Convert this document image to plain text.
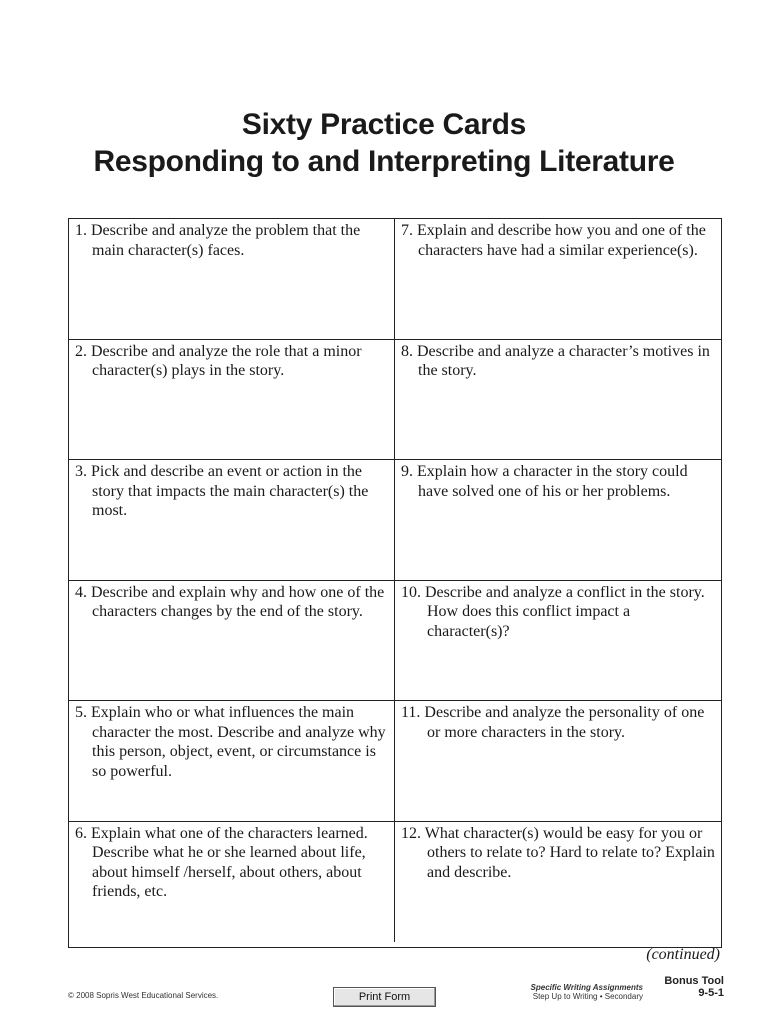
Sixty Practice Cards
Responding to and Interpreting Literature
1. Describe and analyze the problem that the main character(s) faces.
7. Explain and describe how you and one of the characters have had a similar experience(s).
2. Describe and analyze the role that a minor character(s) plays in the story.
8. Describe and analyze a character’s motives in the story.
3. Pick and describe an event or action in the story that impacts the main character(s) the most.
9. Explain how a character in the story could have solved one of his or her problems.
4. Describe and explain why and how one of the characters changes by the end of the story.
10. Describe and analyze a conflict in the story. How does this conflict impact a character(s)?
5. Explain who or what influences the main character the most. Describe and analyze why this person, object, event, or circumstance is so powerful.
11. Describe and analyze the personality of one or more characters in the story.
6. Explain what one of the characters learned. Describe what he or she learned about life, about himself /herself, about others, about friends, etc.
12. What character(s) would be easy for you or others to relate to? Hard to relate to? Explain and describe.
(continued)
© 2008 Sopris West Educational Services.	Print Form
Specific Writing Assignments
Step Up to Writing • Secondary
Bonus Tool
9-5-1
